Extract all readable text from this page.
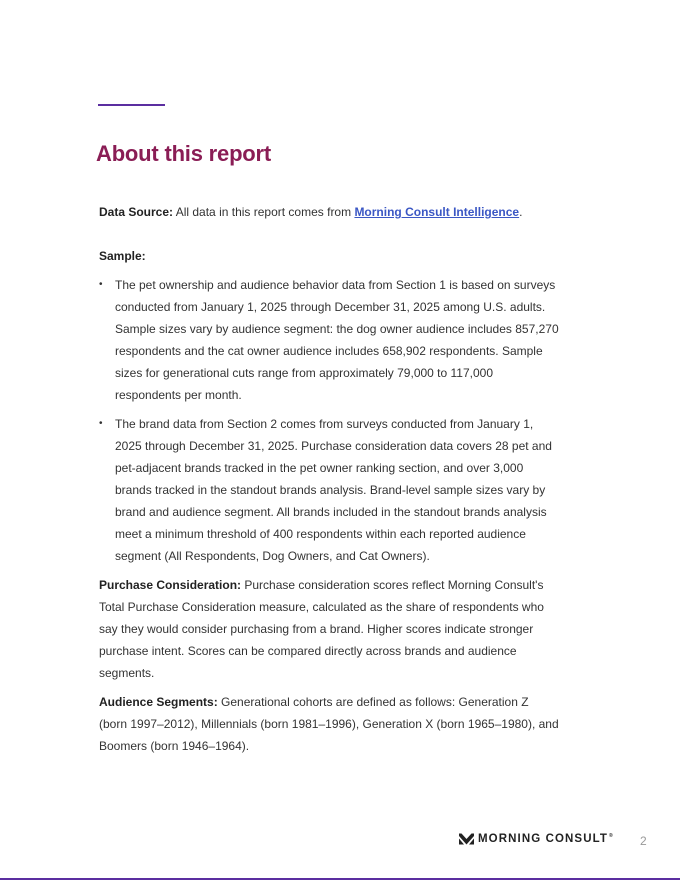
About this report

Data Source: All data in this report comes from Morning Consult Intelligence.

Sample:

• The pet ownership and audience behavior data from Section 1 is based on surveys conducted from January 1, 2025 through December 31, 2025 among U.S. adults. Sample sizes vary by audience segment: the dog owner audience includes 857,270 respondents and the cat owner audience includes 658,902 respondents. Sample sizes for generational cuts range from approximately 79,000 to 117,000 respondents per month.
• The brand data from Section 2 comes from surveys conducted from January 1, 2025 through December 31, 2025. Purchase consideration data covers 28 pet and pet-adjacent brands tracked in the pet owner ranking section, and over 3,000 brands tracked in the standout brands analysis. Brand-level sample sizes vary by brand and audience segment. All brands included in the standout brands analysis meet a minimum threshold of 400 respondents within each reported audience segment (All Respondents, Dog Owners, and Cat Owners).

Purchase Consideration: Purchase consideration scores reflect Morning Consult's Total Purchase Consideration measure, calculated as the share of respondents who say they would consider purchasing from a brand. Higher scores indicate stronger purchase intent. Scores can be compared directly across brands and audience segments.

Audience Segments: Generational cohorts are defined as follows: Generation Z (born 1997–2012), Millennials (born 1981–1996), Generation X (born 1965–1980), and Boomers (born 1946–1964).

MORNING CONSULT® 2
